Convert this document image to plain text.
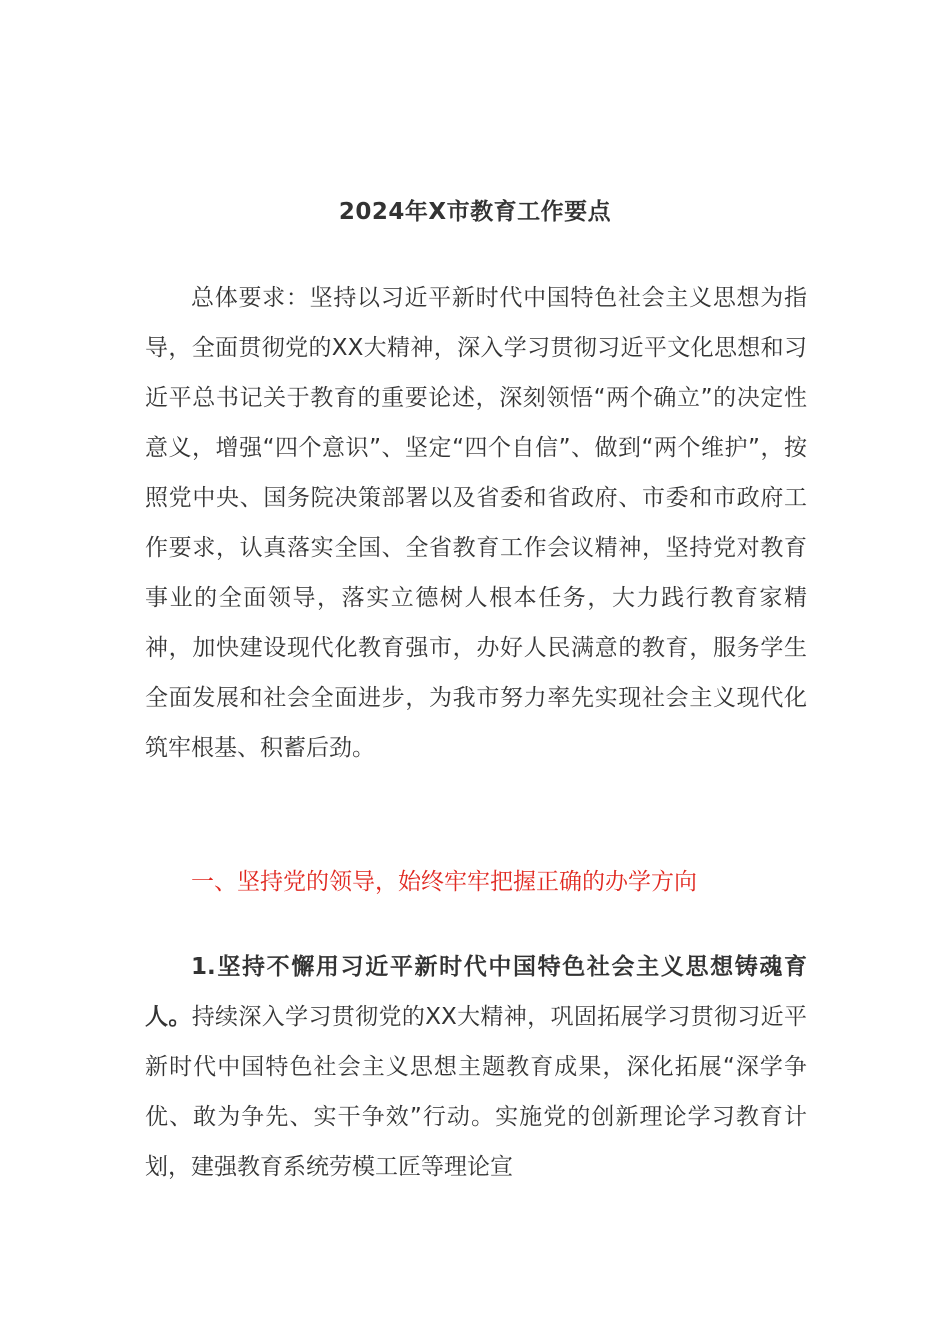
2024年X市教育工作要点

总体要求：坚持以习近平新时代中国特色社会主义思想为指导，全面贯彻党的XX大精神，深入学习贯彻习近平文化思想和习近平总书记关于教育的重要论述，深刻领悟“两个确立”的决定性意义，增强“四个意识”、坚定“四个自信”、做到“两个维护”，按照党中央、国务院决策部署以及省委和省政府、市委和市政府工作要求，认真落实全国、全省教育工作会议精神，坚持党对教育事业的全面领导，落实立德树人根本任务，大力践行教育家精神，加快建设现代化教育强市，办好人民满意的教育，服务学生全面发展和社会全面进步，为我市努力率先实现社会主义现代化筑牢根基、积蓄后劲。

一、坚持党的领导，始终牢牢把握正确的办学方向

1.坚持不懈用习近平新时代中国特色社会主义思想铸魂育人。持续深入学习贯彻党的XX大精神，巩固拓展学习贯彻习近平新时代中国特色社会主义思想主题教育成果，深化拓展“深学争优、敢为争先、实干争效”行动。实施党的创新理论学习教育计划，建强教育系统劳模工匠等理论宣
